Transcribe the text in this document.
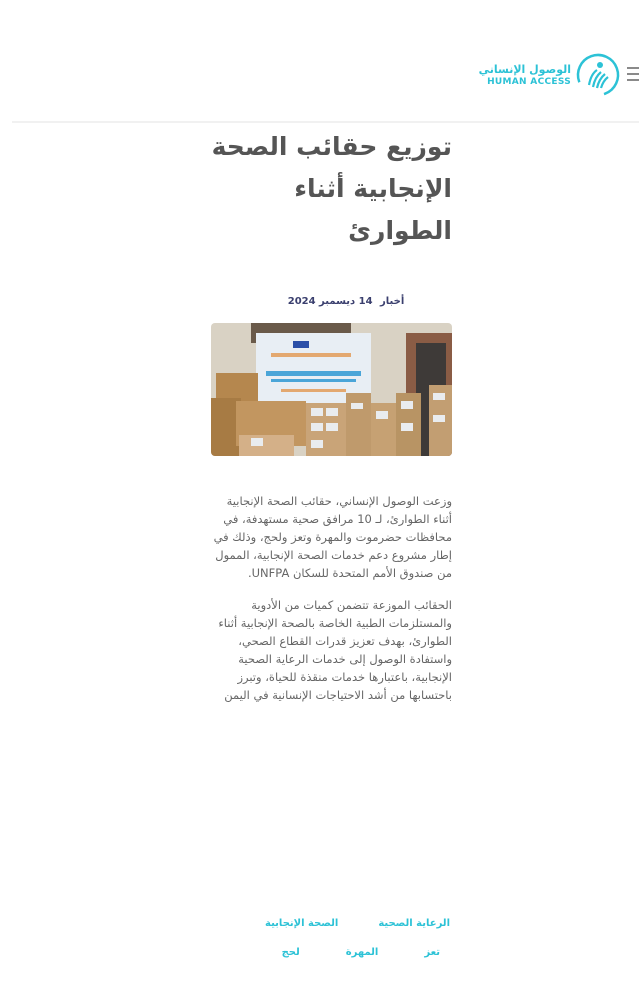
الوصول الإنساني
HUMAN ACCESS
توزيع حقائب الصحة الإنجابية أثناء الطوارئ
أخبار 14 ديسمبر 2024

وزعت الوصول الإنساني، حقائب الصحة الإنجابية أثناء الطوارئ، لـ 10 مرافق صحية مستهدفة، في محافظات حضرموت والمهرة وتعز ولحج، وذلك في إطار مشروع دعم خدمات الصحة الإنجابية، الممول من صندوق الأمم المتحدة للسكان UNFPA.

الحقائب الموزعة تتضمن كميات من الأدوية والمستلزمات الطبية الخاصة بالصحة الإنجابية أثناء الطوارئ، بهدف تعزيز قدرات القطاع الصحي، واستفادة الوصول إلى خدمات الرعاية الصحية الإنجابية، باعتبارها خدمات منقذة للحياة، وتبرز باحتسابها من أشد الاحتياجات الإنسانية في اليمن

الرعاية الصحية
الصحة الإنجابية
تعز
المهرة
لحج
